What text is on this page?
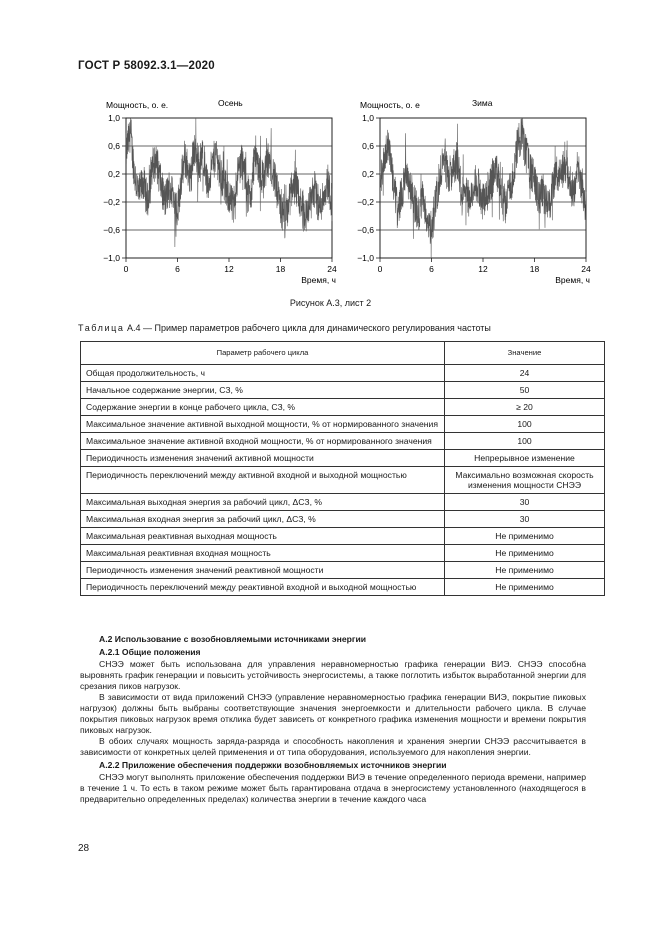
ГОСТ Р 58092.3.1—2020
Мощность, о. е.	Осень
1,0
0,6
0,2
−0,2
−0,6
−1,0
0	6	12	18	24
Время, ч
Мощность, о. е	Зима
1,0
0,6
0,2
−0,2
−0,6
−1,0
0	6	12	18	24
Время, ч
Рисунок А.3, лист 2
Таблица А.4 — Пример параметров рабочего цикла для динамического регулирования частоты
Параметр рабочего цикла	Значение
Общая продолжительность, ч	24
Начальное содержание энергии, СЗ, %	50
Содержание энергии в конце рабочего цикла, СЗ, %	≥ 20
Максимальное значение активной выходной мощности, % от нормированного значения	100
Максимальное значение активной входной мощности, % от нормированного значения	100
Периодичность изменения значений активной мощности	Непрерывное изменение
Периодичность переключений между активной входной и выходной мощностью	Максимально возможная скорость изменения мощности СНЭЭ
Максимальная выходная энергия за рабочий цикл, ΔСЗ, %	30
Максимальная входная энергия за рабочий цикл, ΔСЗ, %	30
Максимальная реактивная выходная мощность	Не применимо
Максимальная реактивная входная мощность	Не применимо
Периодичность изменения значений реактивной мощности	Не применимо
Периодичность переключений между реактивной входной и выходной мощностью	Не применимо
А.2 Использование с возобновляемыми источниками энергии
А.2.1 Общие положения

СНЭЭ может быть использована для управления неравномерностью графика генерации ВИЭ. СНЭЭ способна выровнять график генерации и повысить устойчивость энергосистемы, а также поглотить избыток выработанной энергии для срезания пиков нагрузок.

В зависимости от вида приложений СНЭЭ (управление неравномерностью графика генерации ВИЭ, покрытие пиковых нагрузок) должны быть выбраны соответствующие значения энергоемкости и длительности рабочего цикла. В случае покрытия пиковых нагрузок время отклика будет зависеть от конкретного графика изменения мощности и времени покрытия пиковых нагрузок.

В обоих случаях мощность заряда-разряда и способность накопления и хранения энергии СНЭЭ рассчитывается в зависимости от конкретных целей применения и от типа оборудования, используемого для накопления энергии.

А.2.2 Приложение обеспечения поддержки возобновляемых источников энергии

СНЭЭ могут выполнять приложение обеспечения поддержки ВИЭ в течение определенного периода времени, например в течение 1 ч. То есть в таком режиме может быть гарантирована отдача в энергосистему установленного (находящегося в предварительно определенных пределах) количества энергии в течение каждого часа

28
